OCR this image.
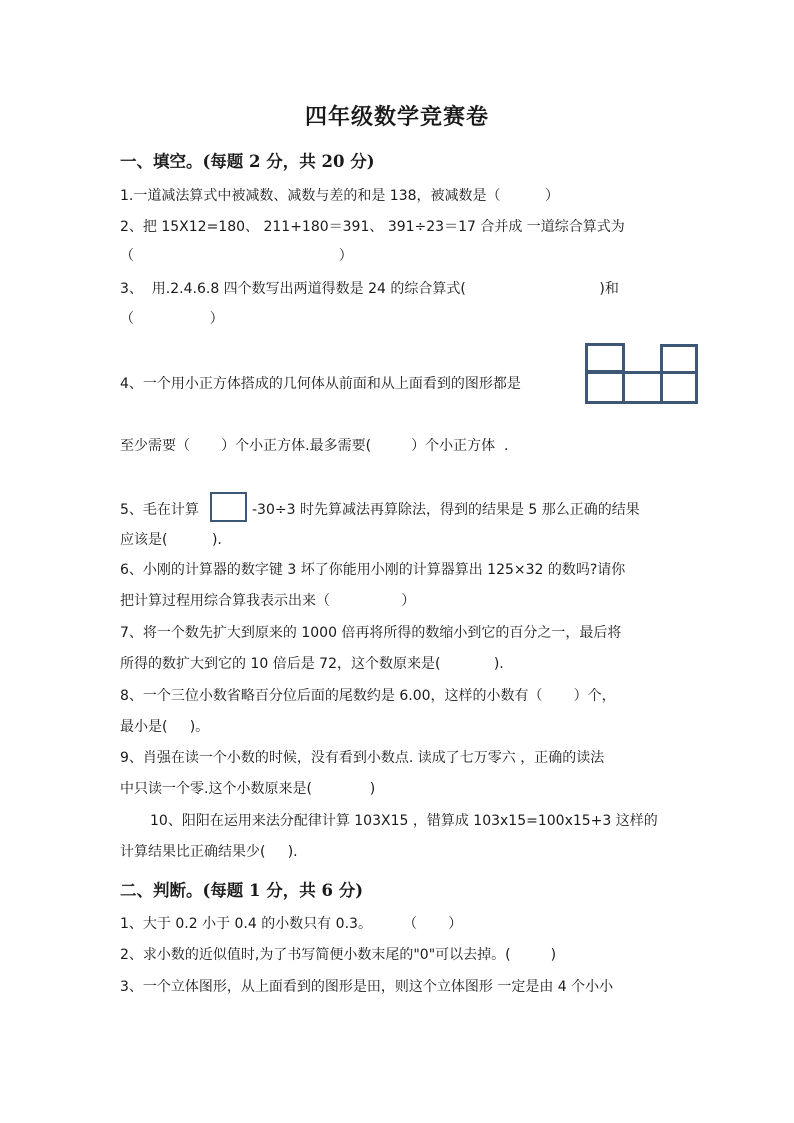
四年级数学竞赛卷
一、填空。(每题 2 分，共 20 分)
1.一道减法算式中被减数、减数与差的和是 138，被减数是（          ）
2、把 15X12=180、 211+180＝391、 391÷23＝17 合并成 一道综合算式为
（                                              ）
3、  用.2.4.6.8 四个数写出两道得数是 24 的综合算式(                              )和
（                 ）
4、一个用小正方体搭成的几何体从前面和从上面看到的图形都是
至少需要（       ）个小正方体.最多需要(         ）个小正方体  .
5、毛在计算	-30÷3 时先算减法再算除法，得到的结果是 5 那么正确的结果
应该是(          ).
6、小刚的计算器的数字键 3 坏了你能用小刚的计算器算出 125×32 的数吗?请你
把计算过程用综合算我表示出来（                ）
7、将一个数先扩大到原来的 1000 倍再将所得的数缩小到它的百分之一，最后将
所得的数扩大到它的 10 倍后是 72，这个数原来是(            ).
8、一个三位小数省略百分位后面的尾数约是 6.00，这样的小数有（       ）个，
最小是(     )。
9、肖强在读一个小数的时候，没有看到小数点. 读成了七万零六 ，正确的读法
中只读一个零.这个小数原来是(             )
10、阳阳在运用来法分配律计算 103X15 ，错算成 103x15=100x15+3 这样的
计算结果比正确结果少(     ).
二、判断。(每题 1 分，共 6 分)
1、大于 0.2 小于 0.4 的小数只有 0.3。       （       ）
2、求小数的近似值时,为了书写简便小数末尾的"0"可以去掉。(         )
3、一个立体图形，从上面看到的图形是田，则这个立体图形 一定是由 4 个小小
